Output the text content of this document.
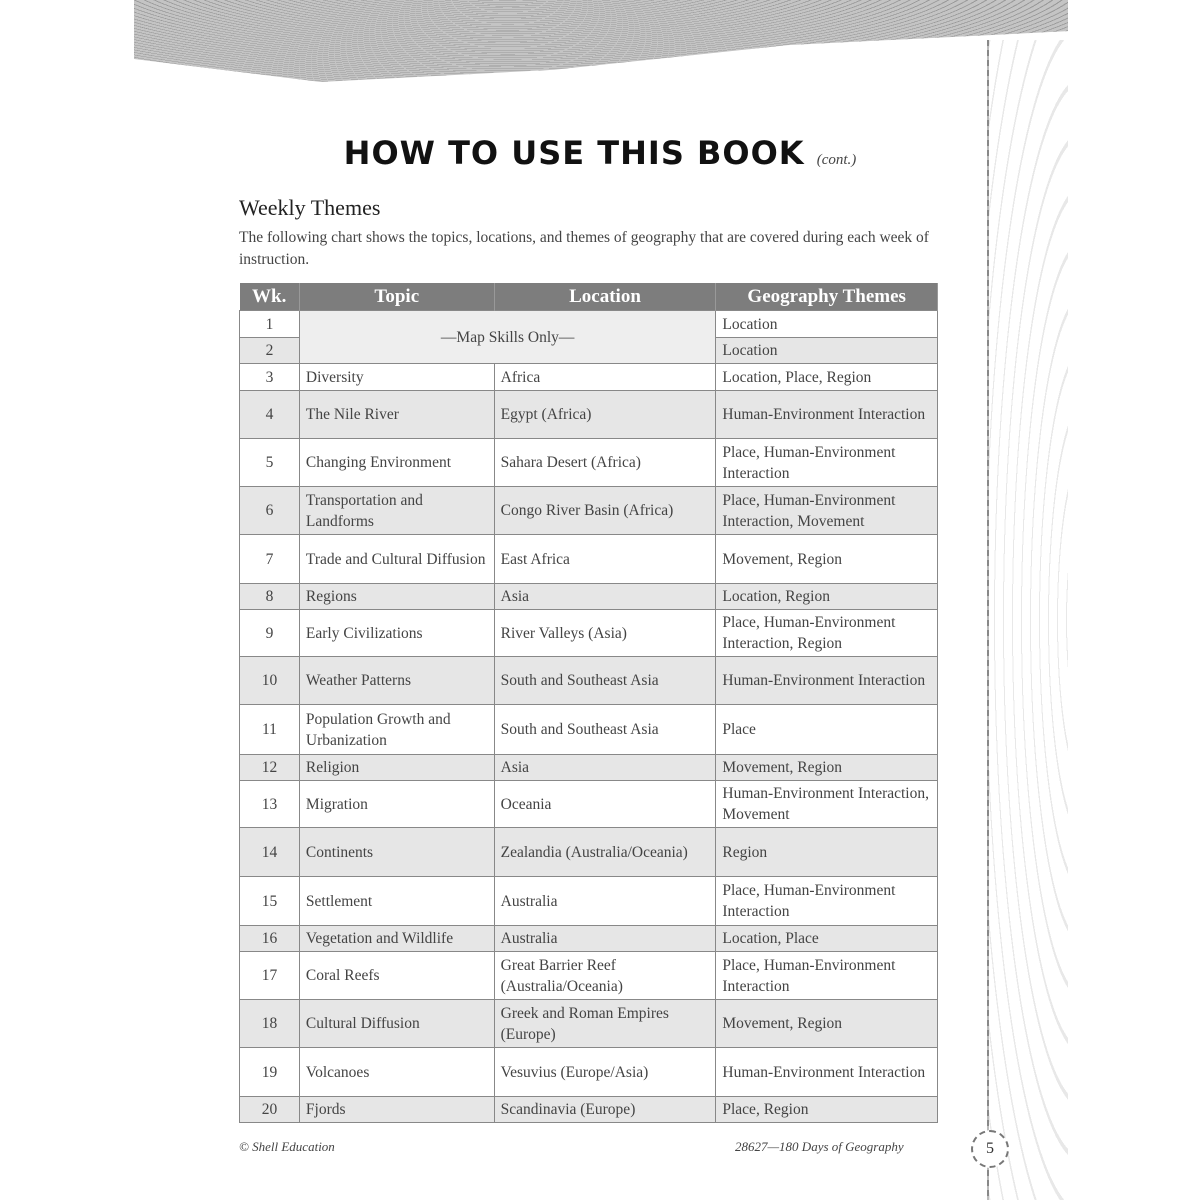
HOW TO USE THIS BOOK (cont.)
Weekly Themes
The following chart shows the topics, locations, and themes of geography that are covered during each week of instruction.
Wk.	Topic	Location	Geography Themes
1	—Map Skills Only—		Location
2			Location
3	Diversity	Africa	Location, Place, Region
4	The Nile River	Egypt (Africa)	Human-Environment Interaction
5	Changing Environment	Sahara Desert (Africa)	Place, Human-Environment Interaction
6	Transportation and Landforms	Congo River Basin (Africa)	Place, Human-Environment Interaction, Movement
7	Trade and Cultural Diffusion	East Africa	Movement, Region
8	Regions	Asia	Location, Region
9	Early Civilizations	River Valleys (Asia)	Place, Human-Environment Interaction, Region
10	Weather Patterns	South and Southeast Asia	Human-Environment Interaction
11	Population Growth and Urbanization	South and Southeast Asia	Place
12	Religion	Asia	Movement, Region
13	Migration	Oceania	Human-Environment Interaction, Movement
14	Continents	Zealandia (Australia/Oceania)	Region
15	Settlement	Australia	Place, Human-Environment Interaction
16	Vegetation and Wildlife	Australia	Location, Place
17	Coral Reefs	Great Barrier Reef (Australia/Oceania)	Place, Human-Environment Interaction
18	Cultural Diffusion	Greek and Roman Empires (Europe)	Movement, Region
19	Volcanoes	Vesuvius (Europe/Asia)	Human-Environment Interaction
20	Fjords	Scandinavia (Europe)	Place, Region
© Shell Education	28627—180 Days of Geography	5
